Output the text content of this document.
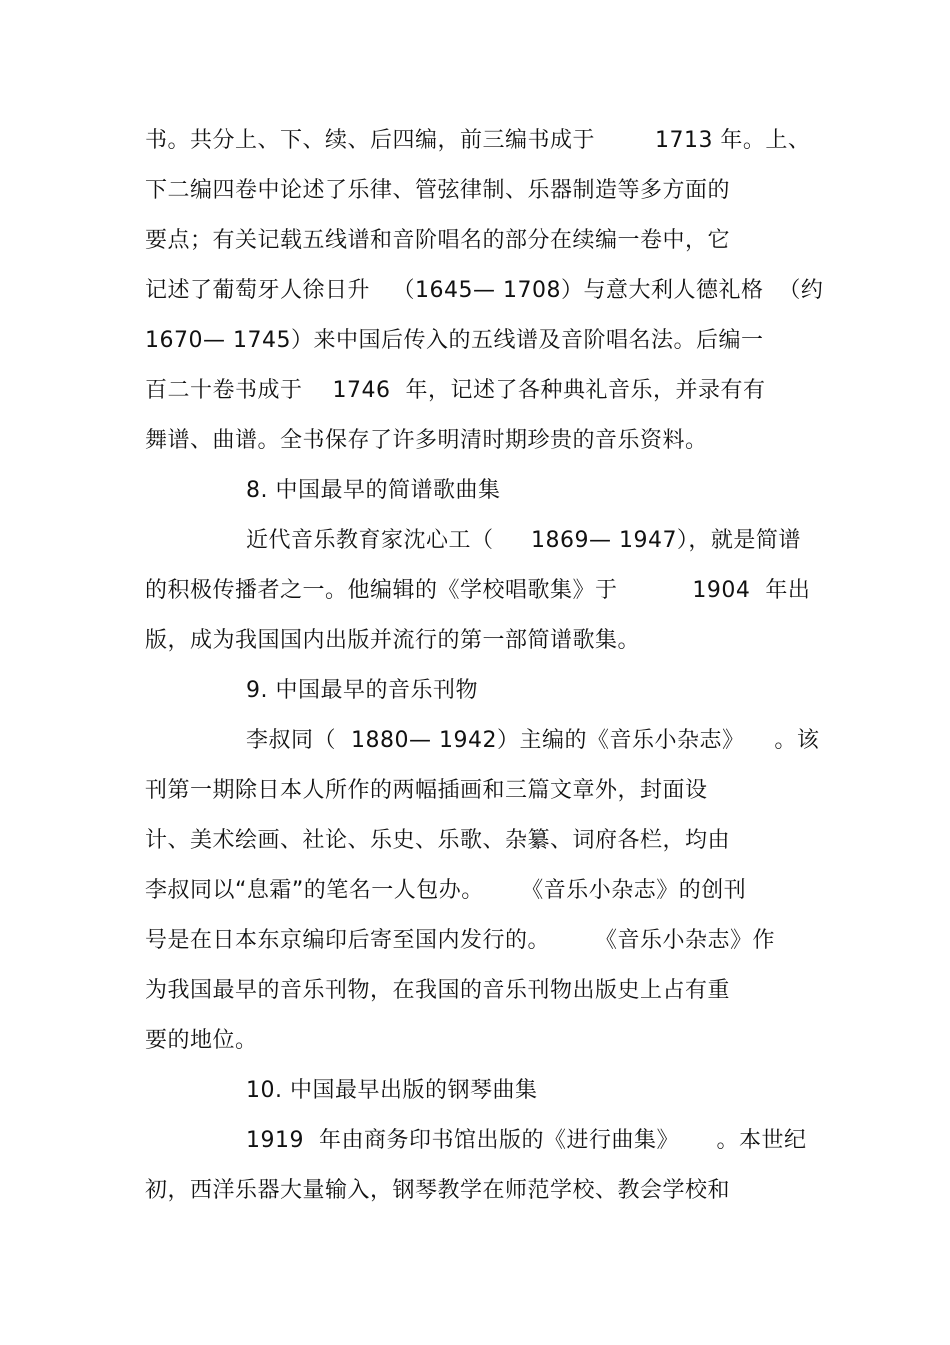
书。共分上、下、续、后四编，前三编书成于        1713 年。上、
下二编四卷中论述了乐律、管弦律制、乐器制造等多方面的
要点；有关记载五线谱和音阶唱名的部分在续编一卷中，它
记述了葡萄牙人徐日升   （1645— 1708）与意大利人德礼格  （约
1670— 1745）来中国后传入的五线谱及音阶唱名法。后编一
百二十卷书成于    1746  年，记述了各种典礼音乐，并录有有
舞谱、曲谱。全书保存了许多明清时期珍贵的音乐资料。
8. 中国最早的简谱歌曲集
近代音乐教育家沈心工（     1869— 1947），就是简谱
的积极传播者之一。他编辑的《学校唱歌集》于          1904  年出
版，成为我国国内出版并流行的第一部简谱歌集。
9. 中国最早的音乐刊物
李叔同（  1880— 1942）主编的《音乐小杂志》    。该
刊第一期除日本人所作的两幅插画和三篇文章外，封面设
计、美术绘画、社论、乐史、乐歌、杂纂、词府各栏，均由
李叔同以“息霜”的笔名一人包办。     《音乐小杂志》的创刊
号是在日本东京编印后寄至国内发行的。      《音乐小杂志》作
为我国最早的音乐刊物，在我国的音乐刊物出版史上占有重
要的地位。
10. 中国最早出版的钢琴曲集
1919  年由商务印书馆出版的《进行曲集》     。本世纪
初，西洋乐器大量输入，钢琴教学在师范学校、教会学校和
